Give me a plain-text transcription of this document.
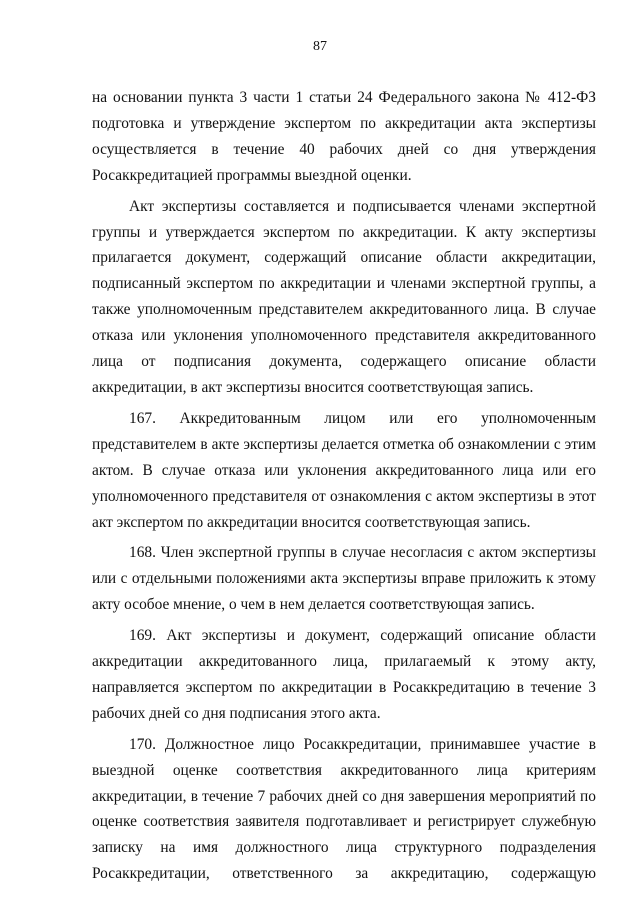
87

на основании пункта 3 части 1 статьи 24 Федерального закона № 412-ФЗ подготовка и утверждение экспертом по аккредитации акта экспертизы осуществляется в течение 40 рабочих дней со дня утверждения Росаккредитацией программы выездной оценки.

Акт экспертизы составляется и подписывается членами экспертной группы и утверждается экспертом по аккредитации. К акту экспертизы прилагается документ, содержащий описание области аккредитации, подписанный экспертом по аккредитации и членами экспертной группы, а также уполномоченным представителем аккредитованного лица. В случае отказа или уклонения уполномоченного представителя аккредитованного лица от подписания документа, содержащего описание области аккредитации, в акт экспертизы вносится соответствующая запись.

167. Аккредитованным лицом или его уполномоченным представителем в акте экспертизы делается отметка об ознакомлении с этим актом. В случае отказа или уклонения аккредитованного лица или его уполномоченного представителя от ознакомления с актом экспертизы в этот акт экспертом по аккредитации вносится соответствующая запись.

168. Член экспертной группы в случае несогласия с актом экспертизы или с отдельными положениями акта экспертизы вправе приложить к этому акту особое мнение, о чем в нем делается соответствующая запись.

169. Акт экспертизы и документ, содержащий описание области аккредитации аккредитованного лица, прилагаемый к этому акту, направляется экспертом по аккредитации в Росаккредитацию в течение 3 рабочих дней со дня подписания этого акта.

170. Должностное лицо Росаккредитации, принимавшее участие в выездной оценке соответствия аккредитованного лица критериям аккредитации, в течение 7 рабочих дней со дня завершения мероприятий по оценке соответствия заявителя подготавливает и регистрирует служебную записку на имя должностного лица структурного подразделения Росаккредитации, ответственного за аккредитацию, содержащую
